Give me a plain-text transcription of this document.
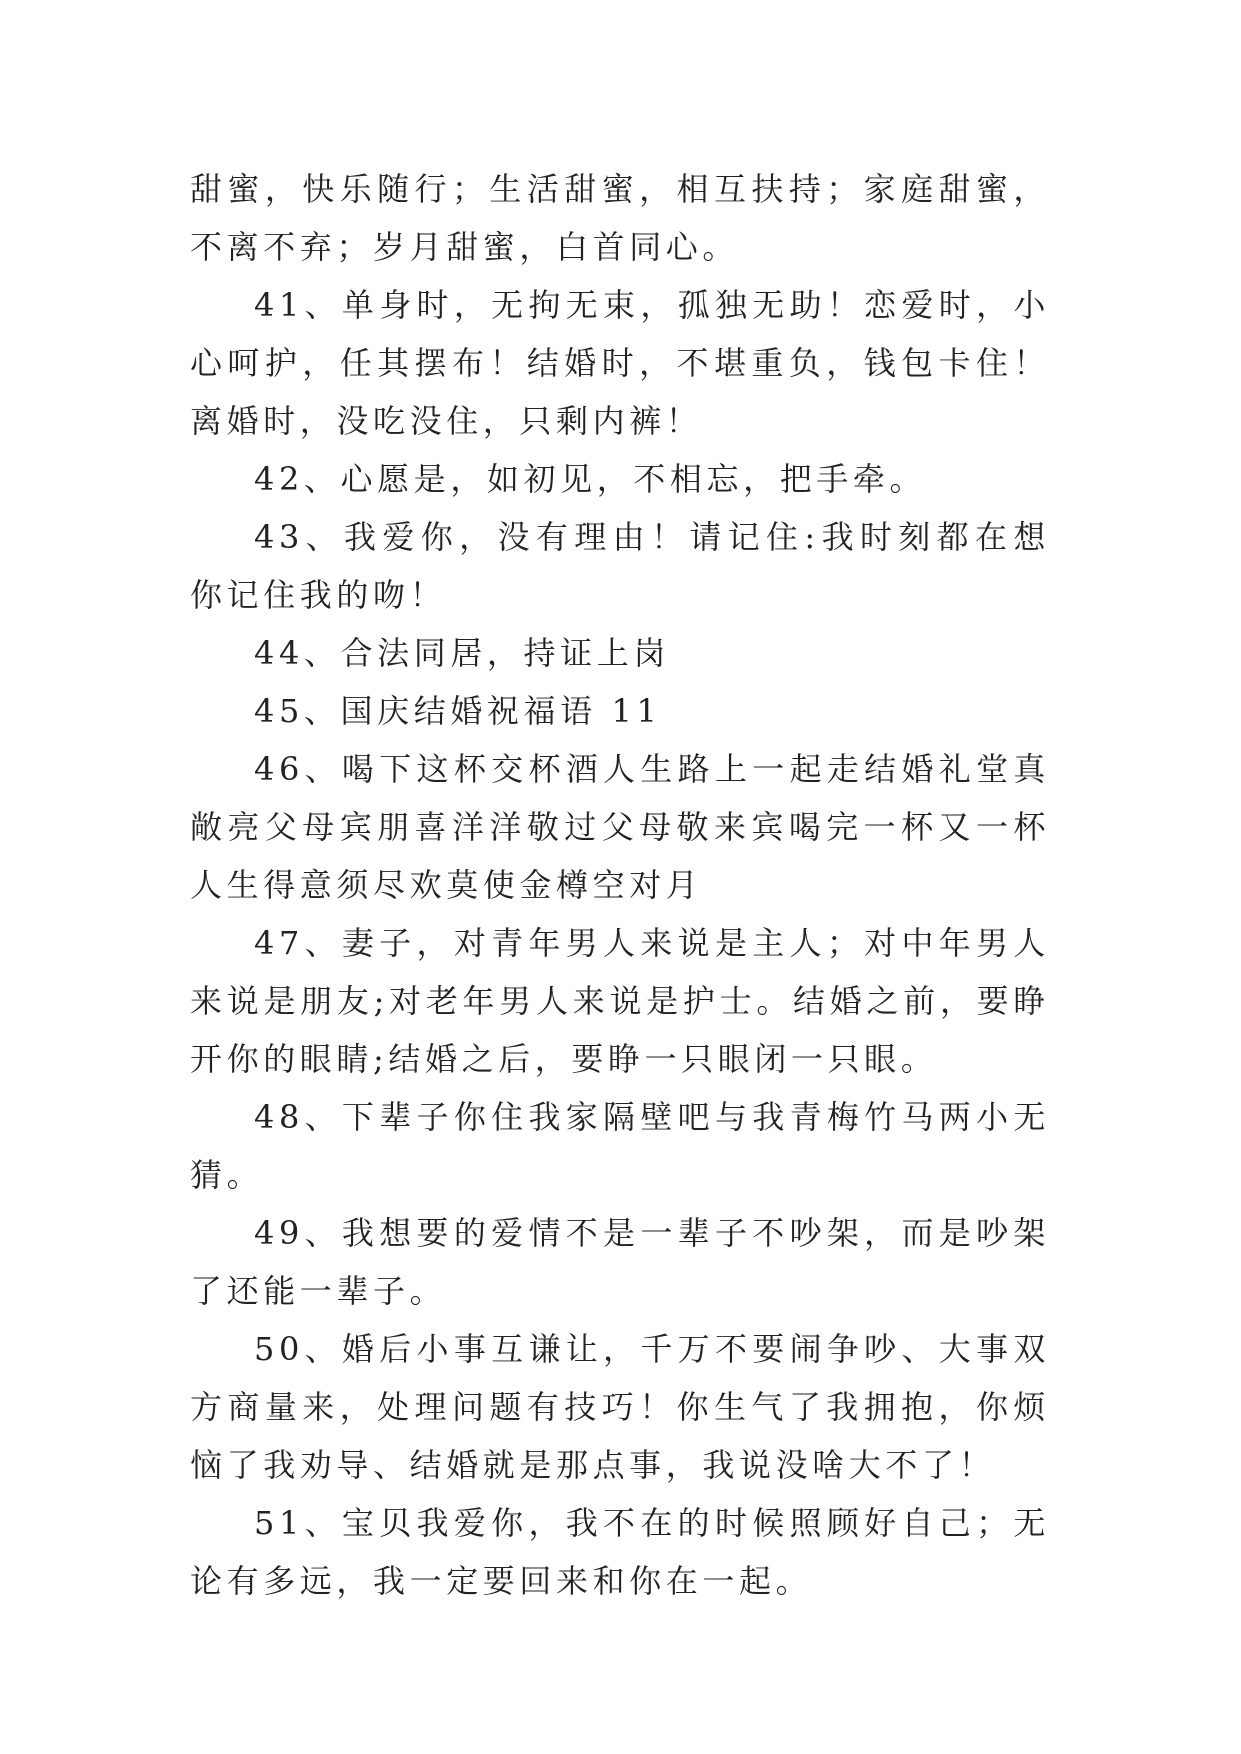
甜蜜，快乐随行；生活甜蜜，相互扶持；家庭甜蜜，不离不弃；岁月甜蜜，白首同心。

41、单身时，无拘无束，孤独无助！恋爱时，小心呵护，任其摆布！结婚时，不堪重负，钱包卡住！离婚时，没吃没住，只剩内裤！

42、心愿是，如初见，不相忘，把手牵。

43、我爱你，没有理由！请记住:我时刻都在想你记住我的吻！

44、合法同居，持证上岗

45、国庆结婚祝福语 11

46、喝下这杯交杯酒人生路上一起走结婚礼堂真敞亮父母宾朋喜洋洋敬过父母敬来宾喝完一杯又一杯人生得意须尽欢莫使金樽空对月

47、妻子，对青年男人来说是主人；对中年男人来说是朋友;对老年男人来说是护士。结婚之前，要睁开你的眼睛;结婚之后，要睁一只眼闭一只眼。

48、下辈子你住我家隔壁吧与我青梅竹马两小无猜。

49、我想要的爱情不是一辈子不吵架，而是吵架了还能一辈子。

50、婚后小事互谦让，千万不要闹争吵、大事双方商量来，处理问题有技巧！你生气了我拥抱，你烦恼了我劝导、结婚就是那点事，我说没啥大不了！

51、宝贝我爱你，我不在的时候照顾好自己；无论有多远，我一定要回来和你在一起。
